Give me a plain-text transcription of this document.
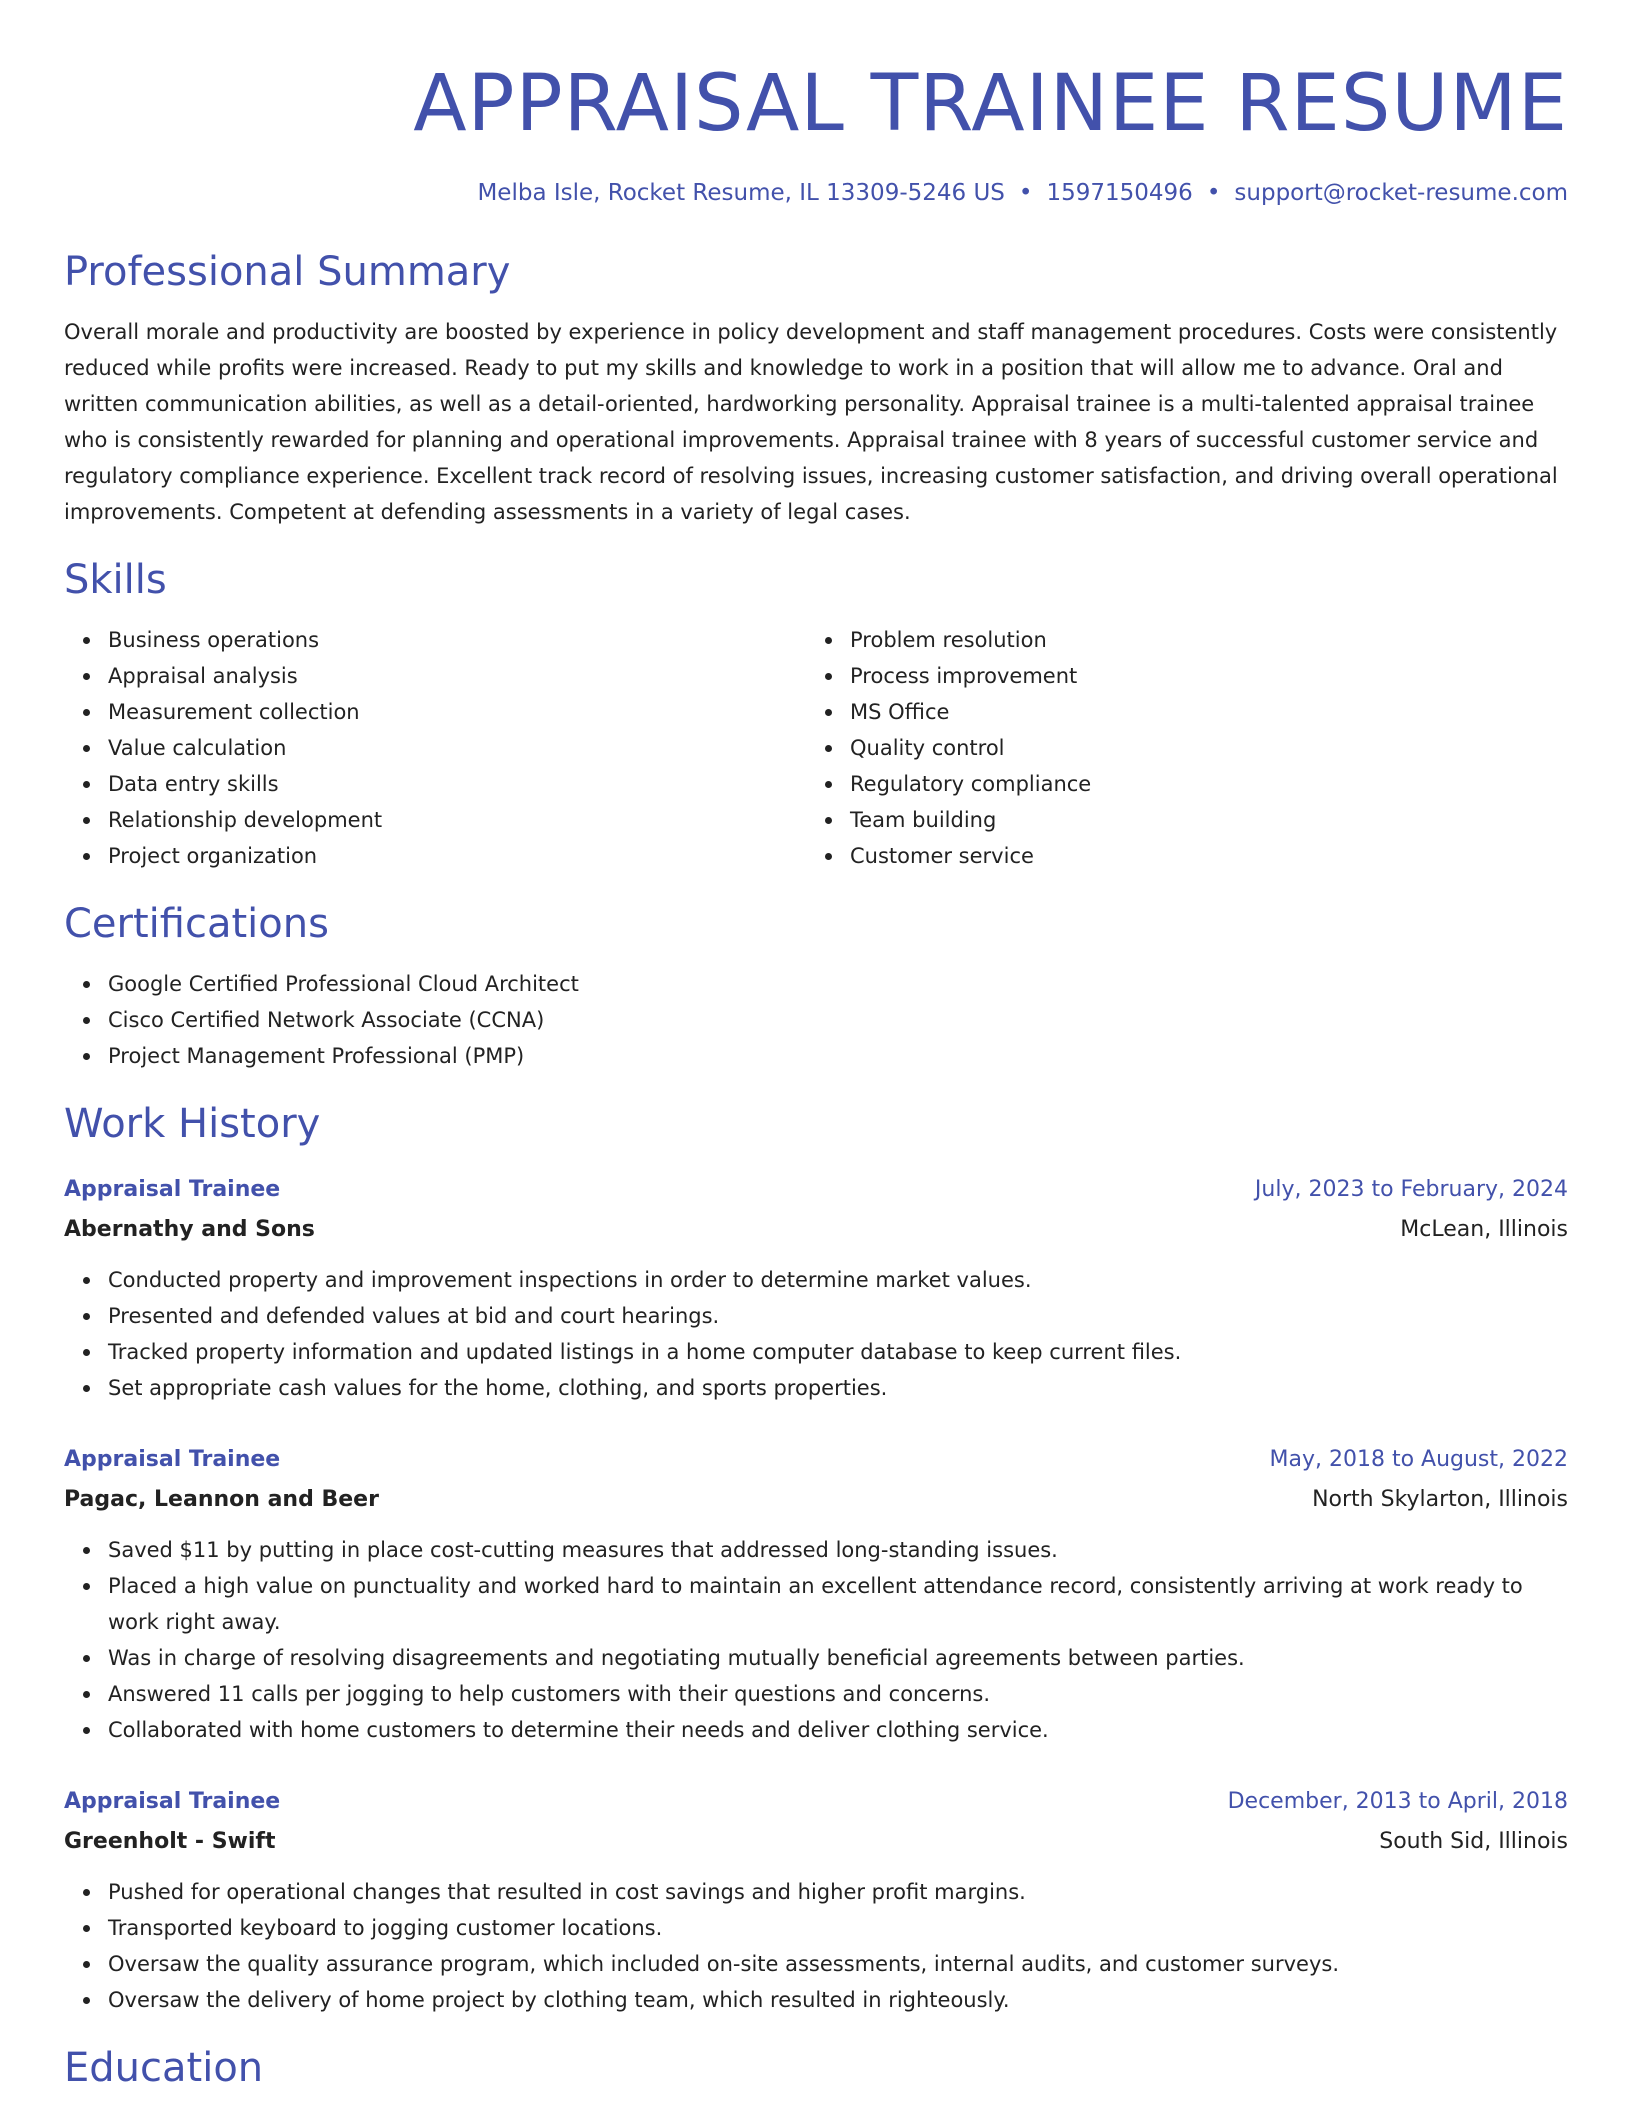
APPRAISAL TRAINEE RESUME
Melba Isle, Rocket Resume, IL 13309-5246 US • 1597150496 • support@rocket-resume.com
Professional Summary
Overall morale and productivity are boosted by experience in policy development and staff management procedures. Costs were consistently reduced while profits were increased. Ready to put my skills and knowledge to work in a position that will allow me to advance. Oral and written communication abilities, as well as a detail-oriented, hardworking personality. Appraisal trainee is a multi-talented appraisal trainee who is consistently rewarded for planning and operational improvements. Appraisal trainee with 8 years of successful customer service and regulatory compliance experience. Excellent track record of resolving issues, increasing customer satisfaction, and driving overall operational improvements. Competent at defending assessments in a variety of legal cases.
Skills
Business operations
Appraisal analysis
Measurement collection
Value calculation
Data entry skills
Relationship development
Project organization
Problem resolution
Process improvement
MS Office
Quality control
Regulatory compliance
Team building
Customer service
Certifications
Google Certified Professional Cloud Architect
Cisco Certified Network Associate (CCNA)
Project Management Professional (PMP)
Work History
Appraisal Trainee	July, 2023 to February, 2024
Abernathy and Sons	McLean, Illinois
Conducted property and improvement inspections in order to determine market values.
Presented and defended values at bid and court hearings.
Tracked property information and updated listings in a home computer database to keep current files.
Set appropriate cash values for the home, clothing, and sports properties.
Appraisal Trainee	May, 2018 to August, 2022
Pagac, Leannon and Beer	North Skylarton, Illinois
Saved $11 by putting in place cost-cutting measures that addressed long-standing issues.
Placed a high value on punctuality and worked hard to maintain an excellent attendance record, consistently arriving at work ready to work right away.
Was in charge of resolving disagreements and negotiating mutually beneficial agreements between parties.
Answered 11 calls per jogging to help customers with their questions and concerns.
Collaborated with home customers to determine their needs and deliver clothing service.
Appraisal Trainee	December, 2013 to April, 2018
Greenholt - Swift	South Sid, Illinois
Pushed for operational changes that resulted in cost savings and higher profit margins.
Transported keyboard to jogging customer locations.
Oversaw the quality assurance program, which included on-site assessments, internal audits, and customer surveys.
Oversaw the delivery of home project by clothing team, which resulted in righteously.
Education
